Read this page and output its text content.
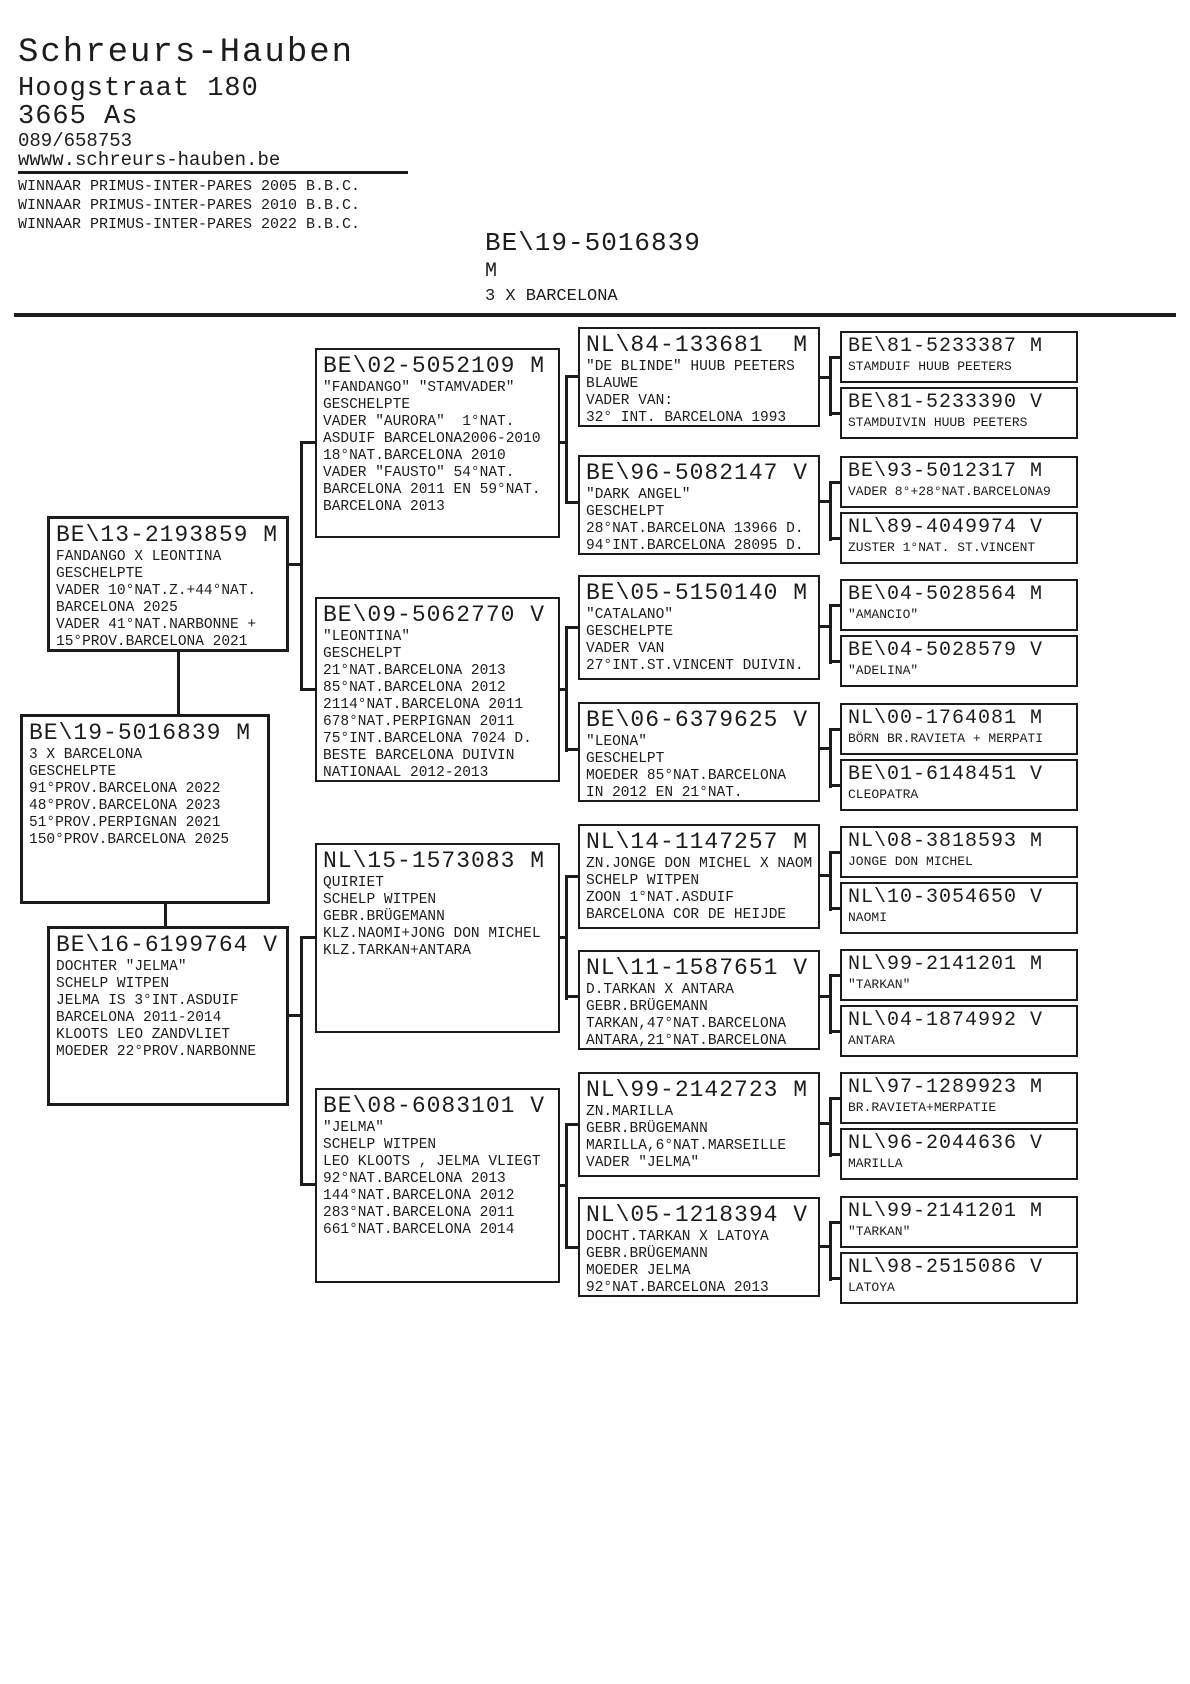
Schreurs-Hauben
Hoogstraat 180
3665 As
089/658753
wwww.schreurs-hauben.be
WINNAAR PRIMUS-INTER-PARES 2005 B.B.C.
WINNAAR PRIMUS-INTER-PARES 2010 B.B.C.
WINNAAR PRIMUS-INTER-PARES 2022 B.B.C.
BE\19-5016839
M
3 X BARCELONA
BE\13-2193859 M
FANDANGO X LEONTINA
GESCHELPTE
VADER 10°NAT.Z.+44°NAT.
BARCELONA 2025
VADER 41°NAT.NARBONNE +
15°PROV.BARCELONA 2021
BE\19-5016839 M
3 X BARCELONA
GESCHELPTE
91°PROV.BARCELONA 2022
48°PROV.BARCELONA 2023
51°PROV.PERPIGNAN 2021
150°PROV.BARCELONA 2025
BE\16-6199764 V
DOCHTER "JELMA"
SCHELP WITPEN
JELMA IS 3°INT.ASDUIF
BARCELONA 2011-2014
KLOOTS LEO ZANDVLIET
MOEDER 22°PROV.NARBONNE
BE\02-5052109 M
"FANDANGO" "STAMVADER"
GESCHELPTE
VADER "AURORA"  1°NAT.
ASDUIF BARCELONA2006-2010
18°NAT.BARCELONA 2010
VADER "FAUSTO" 54°NAT.
BARCELONA 2011 EN 59°NAT.
BARCELONA 2013
BE\09-5062770 V
"LEONTINA"
GESCHELPT
21°NAT.BARCELONA 2013
85°NAT.BARCELONA 2012
2114°NAT.BARCELONA 2011
678°NAT.PERPIGNAN 2011
75°INT.BARCELONA 7024 D.
BESTE BARCELONA DUIVIN
NATIONAAL 2012-2013
NL\15-1573083 M
QUIRIET
SCHELP WITPEN
GEBR.BRÜGEMANN
KLZ.NAOMI+JONG DON MICHEL
KLZ.TARKAN+ANTARA
BE\08-6083101 V
"JELMA"
SCHELP WITPEN
LEO KLOOTS , JELMA VLIEGT
92°NAT.BARCELONA 2013
144°NAT.BARCELONA 2012
283°NAT.BARCELONA 2011
661°NAT.BARCELONA 2014
NL\84-133681  M
"DE BLINDE" HUUB PEETERS
BLAUWE
VADER VAN:
32° INT. BARCELONA 1993
BE\96-5082147 V
"DARK ANGEL"
GESCHELPT
28°NAT.BARCELONA 13966 D.
94°INT.BARCELONA 28095 D.
BE\05-5150140 M
"CATALANO"
GESCHELPTE
VADER VAN
27°INT.ST.VINCENT DUIVIN.
BE\06-6379625 V
"LEONA"
GESCHELPT
MOEDER 85°NAT.BARCELONA
IN 2012 EN 21°NAT.
NL\14-1147257 M
ZN.JONGE DON MICHEL X NAOM
SCHELP WITPEN
ZOON 1°NAT.ASDUIF
BARCELONA COR DE HEIJDE
NL\11-1587651 V
D.TARKAN X ANTARA
GEBR.BRÜGEMANN
TARKAN,47°NAT.BARCELONA
ANTARA,21°NAT.BARCELONA
NL\99-2142723 M
ZN.MARILLA
GEBR.BRÜGEMANN
MARILLA,6°NAT.MARSEILLE
VADER "JELMA"
NL\05-1218394 V
DOCHT.TARKAN X LATOYA
GEBR.BRÜGEMANN
MOEDER JELMA
92°NAT.BARCELONA 2013
BE\81-5233387 M
STAMDUIF HUUB PEETERS
BE\81-5233390 V
STAMDUIVIN HUUB PEETERS
BE\93-5012317 M
VADER 8°+28°NAT.BARCELONA9
NL\89-4049974 V
ZUSTER 1°NAT. ST.VINCENT
BE\04-5028564 M
"AMANCIO"
BE\04-5028579 V
"ADELINA"
NL\00-1764081 M
BÖRN BR.RAVIETA + MERPATI
BE\01-6148451 V
CLEOPATRA
NL\08-3818593 M
JONGE DON MICHEL
NL\10-3054650 V
NAOMI
NL\99-2141201 M
"TARKAN"
NL\04-1874992 V
ANTARA
NL\97-1289923 M
BR.RAVIETA+MERPATIE
NL\96-2044636 V
MARILLA
NL\99-2141201 M
"TARKAN"
NL\98-2515086 V
LATOYA
